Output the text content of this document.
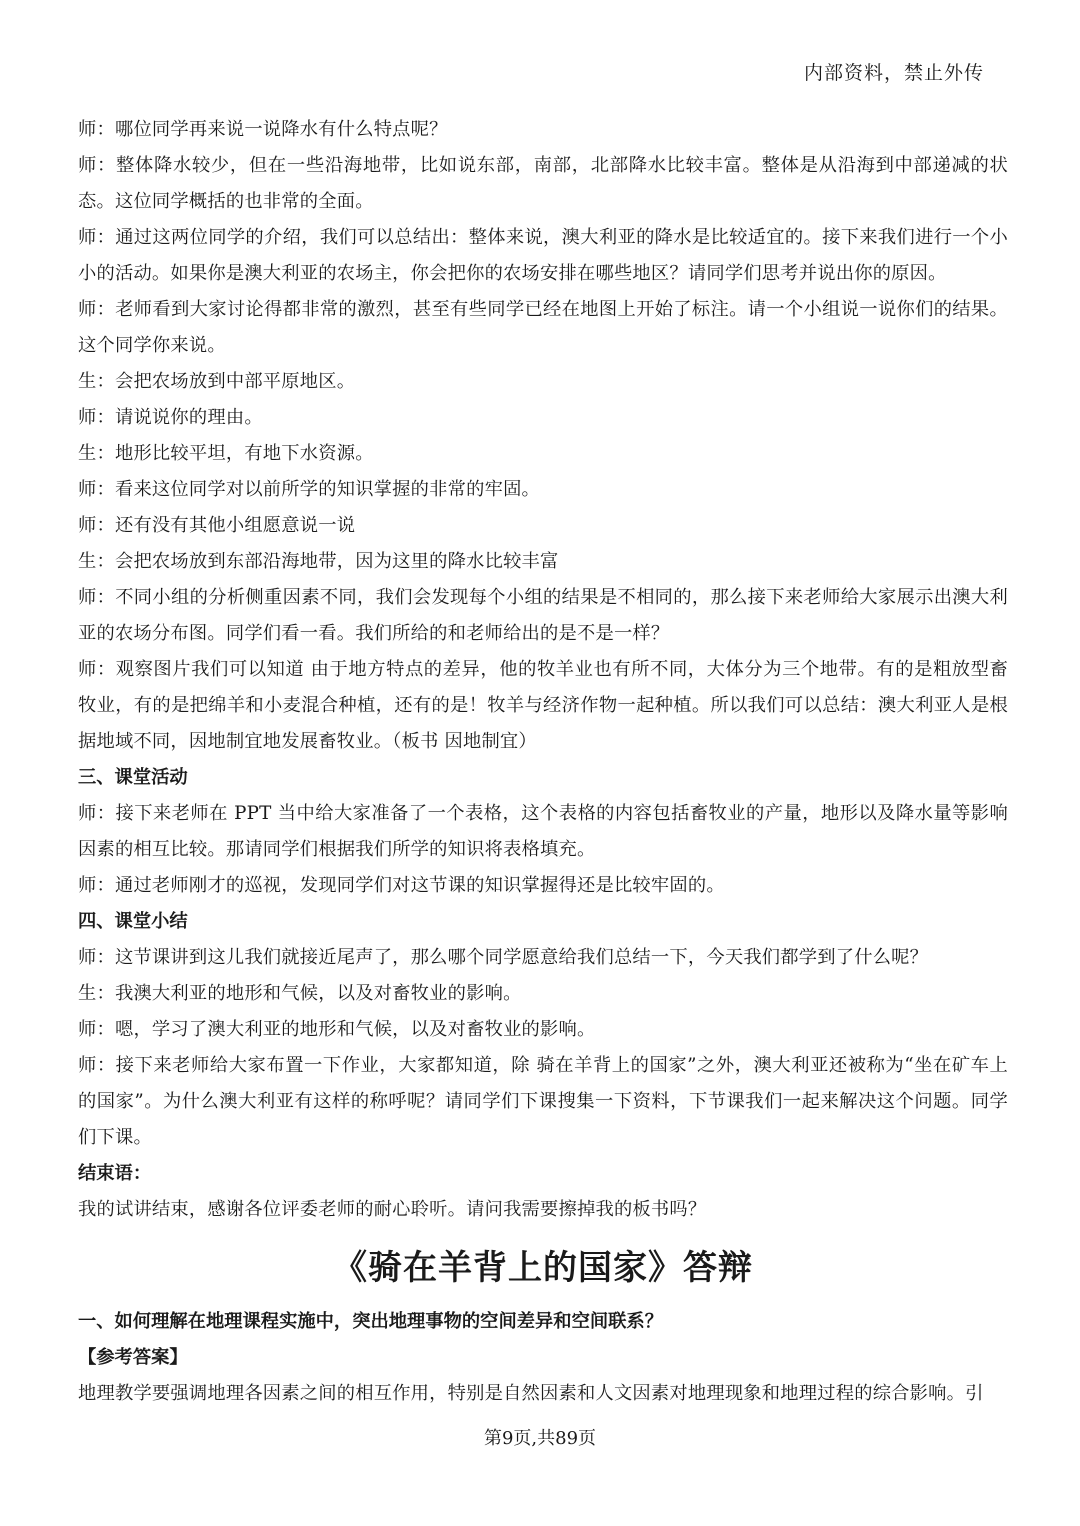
内部资料，禁止外传

师：哪位同学再来说一说降水有什么特点呢？

师：整体降水较少，但在一些沿海地带，比如说东部，南部，北部降水比较丰富。整体是从沿海到中部递减的状态。这位同学概括的也非常的全面。

师：通过这两位同学的介绍，我们可以总结出：整体来说，澳大利亚的降水是比较适宜的。接下来我们进行一个小小的活动。如果你是澳大利亚的农场主，你会把你的农场安排在哪些地区？请同学们思考并说出你的原因。

师：老师看到大家讨论得都非常的激烈，甚至有些同学已经在地图上开始了标注。请一个小组说一说你们的结果。这个同学你来说。

生：会把农场放到中部平原地区。

师：请说说你的理由。

生：地形比较平坦，有地下水资源。

师：看来这位同学对以前所学的知识掌握的非常的牢固。

师：还有没有其他小组愿意说一说

生：会把农场放到东部沿海地带，因为这里的降水比较丰富

师：不同小组的分析侧重因素不同，我们会发现每个小组的结果是不相同的，那么接下来老师给大家展示出澳大利亚的农场分布图。同学们看一看。我们所给的和老师给出的是不是一样？

师：观察图片我们可以知道 由于地方特点的差异，他的牧羊业也有所不同，大体分为三个地带。有的是粗放型畜牧业，有的是把绵羊和小麦混合种植，还有的是！牧羊与经济作物一起种植。所以我们可以总结：澳大利亚人是根据地域不同，因地制宜地发展畜牧业。（板书 因地制宜）

三、课堂活动

师：接下来老师在 PPT 当中给大家准备了一个表格，这个表格的内容包括畜牧业的产量，地形以及降水量等影响因素的相互比较。那请同学们根据我们所学的知识将表格填充。

师：通过老师刚才的巡视，发现同学们对这节课的知识掌握得还是比较牢固的。

四、课堂小结

师：这节课讲到这儿我们就接近尾声了，那么哪个同学愿意给我们总结一下，今天我们都学到了什么呢？

生：我澳大利亚的地形和气候，以及对畜牧业的影响。

师：嗯，学习了澳大利亚的地形和气候，以及对畜牧业的影响。

师：接下来老师给大家布置一下作业，大家都知道，除 骑在羊背上的国家”之外，澳大利亚还被称为“坐在矿车上的国家”。为什么澳大利亚有这样的称呼呢？请同学们下课搜集一下资料，下节课我们一起来解决这个问题。同学们下课。

结束语：

我的试讲结束，感谢各位评委老师的耐心聆听。请问我需要擦掉我的板书吗？

《骑在羊背上的国家》答辩

一、如何理解在地理课程实施中，突出地理事物的空间差异和空间联系？

【参考答案】

地理教学要强调地理各因素之间的相互作用，特别是自然因素和人文因素对地理现象和地理过程的综合影响。引

第9页,共89页
